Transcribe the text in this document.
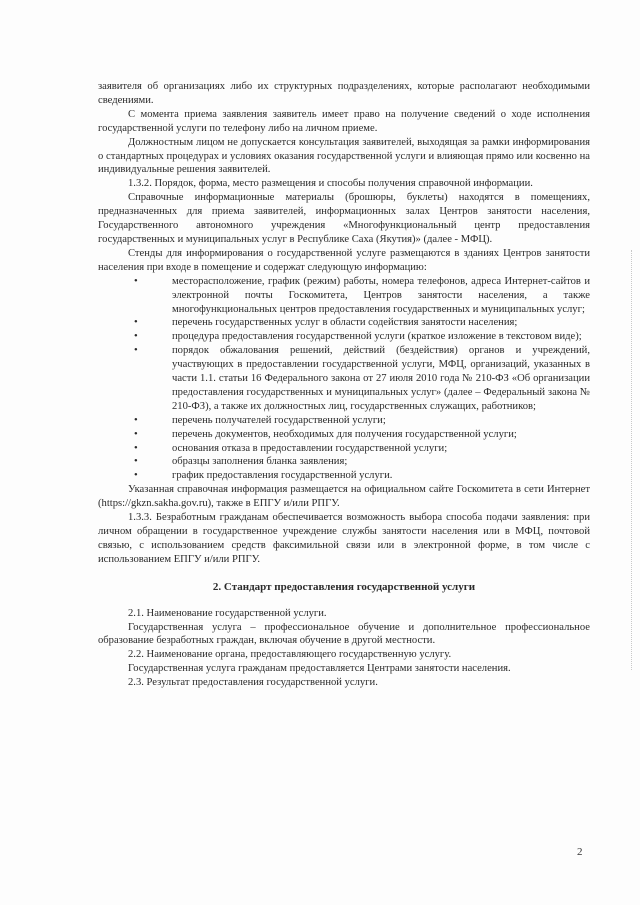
заявителя об организациях либо их структурных подразделениях, которые располагают необходимыми сведениями.

С момента приема заявления заявитель имеет право на получение сведений о ходе исполнения государственной услуги по телефону либо на личном приеме.

Должностным лицом не допускается консультация заявителей, выходящая за рамки информирования о стандартных процедурах и условиях оказания государственной услуги и влияющая прямо или косвенно на индивидуальные решения заявителей.

1.3.2. Порядок, форма, место размещения и способы получения справочной информации.

Справочные информационные материалы (брошюры, буклеты) находятся в помещениях, предназначенных для приема заявителей, информационных залах Центров занятости населения, Государственного автономного учреждения «Многофункциональный центр предоставления государственных и муниципальных услуг в Республике Саха (Якутия)» (далее - МФЦ).

Стенды для информирования о государственной услуге размещаются в зданиях Центров занятости населения при входе в помещение и содержат следующую информацию:

•	месторасположение, график (режим) работы, номера телефонов, адреса Интернет-сайтов и электронной почты Госкомитета, Центров занятости населения, а также многофункциональных центров предоставления государственных и муниципальных услуг;
•	перечень государственных услуг в области содействия занятости населения;
•	процедура предоставления государственной услуги (краткое изложение в текстовом виде);
•	порядок обжалования решений, действий (бездействия) органов и учреждений, участвующих в предоставлении государственной услуги, МФЦ, организаций, указанных в части 1.1. статьи 16 Федерального закона от 27 июля 2010 года № 210-ФЗ «Об организации предоставления государственных и муниципальных услуг» (далее – Федеральный закона № 210-ФЗ), а также их должностных лиц, государственных служащих, работников;
•	перечень получателей государственной услуги;
•	перечень документов, необходимых для получения государственной услуги;
•	основания отказа в предоставлении государственной услуги;
•	образцы заполнения бланка заявления;
•	график предоставления государственной услуги.

Указанная справочная информация размещается на официальном сайте Госкомитета в сети Интернет (https://gkzn.sakha.gov.ru), также в ЕПГУ и/или РПГУ.

1.3.3. Безработным гражданам обеспечивается возможность выбора способа подачи заявления: при личном обращении в государственное учреждение службы занятости населения или в МФЦ, почтовой связью, с использованием средств факсимильной связи или в электронной форме, в том числе с использованием ЕПГУ и/или РПГУ.

2. Стандарт предоставления государственной услуги

2.1. Наименование государственной услуги.

Государственная услуга – профессиональное обучение и дополнительное профессиональное образование безработных граждан, включая обучение в другой местности.

2.2. Наименование органа, предоставляющего государственную услугу.

Государственная услуга гражданам предоставляется Центрами занятости населения.

2.3. Результат предоставления государственной услуги.

2
